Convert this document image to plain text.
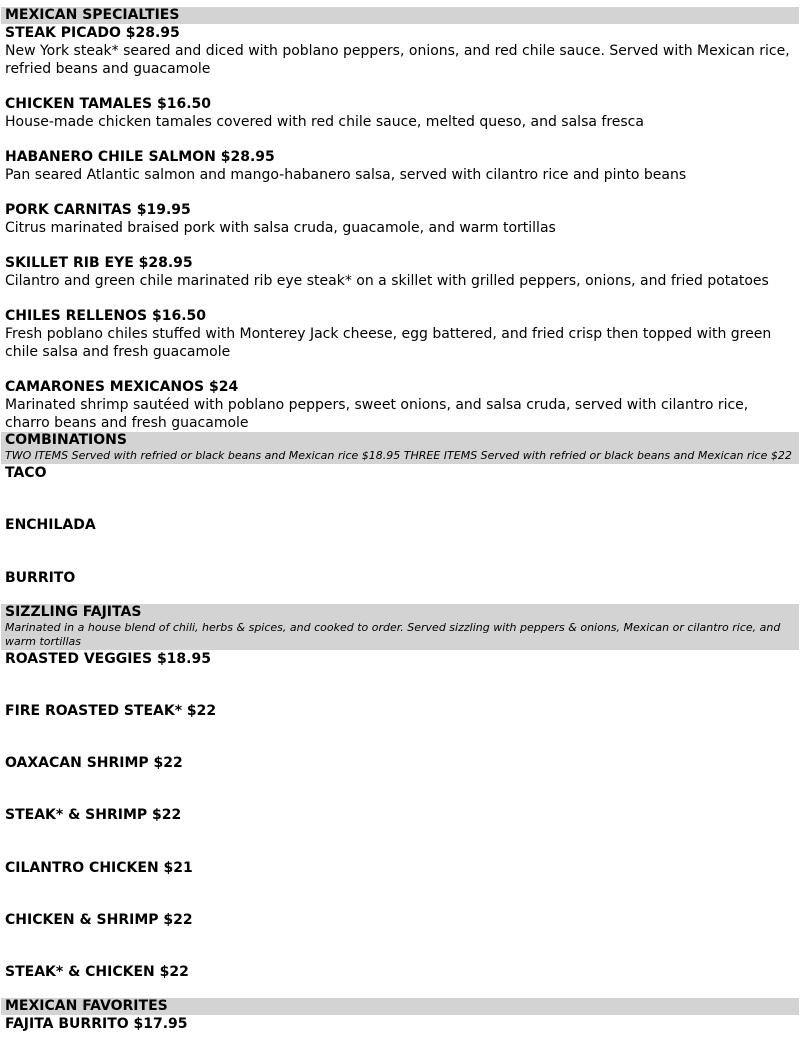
MEXICAN SPECIALTIES
STEAK PICADO $28.95
New York steak* seared and diced with poblano peppers, onions, and red chile sauce. Served with Mexican rice, refried beans and guacamole
CHICKEN TAMALES $16.50
House-made chicken tamales covered with red chile sauce, melted queso, and salsa fresca
HABANERO CHILE SALMON $28.95
Pan seared Atlantic salmon and mango-habanero salsa, served with cilantro rice and pinto beans
PORK CARNITAS $19.95
Citrus marinated braised pork with salsa cruda, guacamole, and warm tortillas
SKILLET RIB EYE $28.95
Cilantro and green chile marinated rib eye steak* on a skillet with grilled peppers, onions, and fried potatoes
CHILES RELLENOS $16.50
Fresh poblano chiles stuffed with Monterey Jack cheese, egg battered, and fried crisp then topped with green chile salsa and fresh guacamole
CAMARONES MEXICANOS $24
Marinated shrimp sautéed with poblano peppers, sweet onions, and salsa cruda, served with cilantro rice, charro beans and fresh guacamole
COMBINATIONS
TWO ITEMS Served with refried or black beans and Mexican rice $18.95 THREE ITEMS Served with refried or black beans and Mexican rice $22
TACO
ENCHILADA
BURRITO
SIZZLING FAJITAS
Marinated in a house blend of chili, herbs & spices, and cooked to order. Served sizzling with peppers & onions, Mexican or cilantro rice, and warm tortillas
ROASTED VEGGIES $18.95
FIRE ROASTED STEAK* $22
OAXACAN SHRIMP $22
STEAK* & SHRIMP $22
CILANTRO CHICKEN $21
CHICKEN & SHRIMP $22
STEAK* & CHICKEN $22
MEXICAN FAVORITES
FAJITA BURRITO $17.95
